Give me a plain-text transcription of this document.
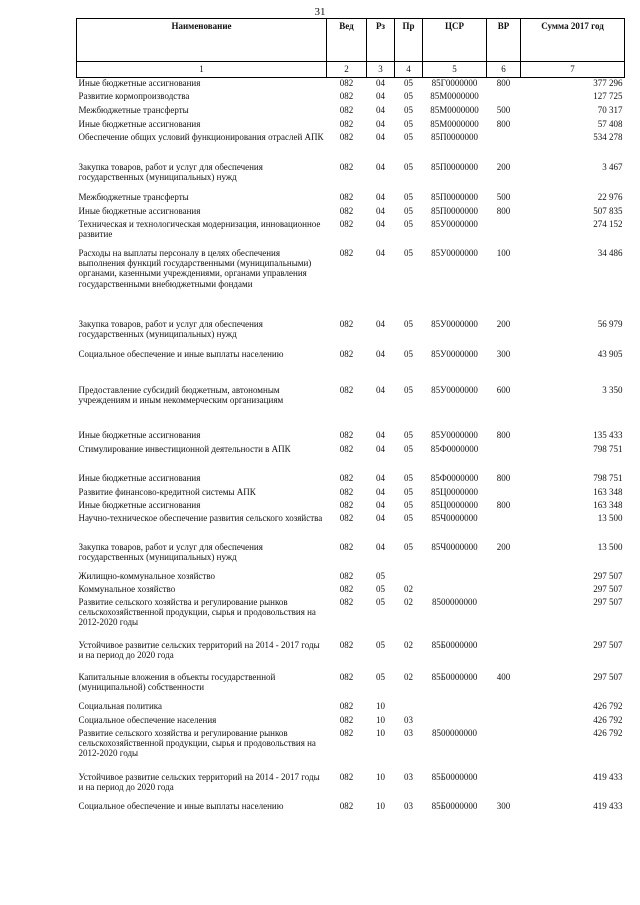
31
Наименование	Вед	Рз	Пр	ЦСР	ВР	Сумма 2017 год
1	2	3	4	5	6	7
Иные бюджетные ассигнования	082	04	05	85Г0000000	800	377 296
Развитие кормопроизводства	082	04	05	85М0000000		127 725
Межбюджетные трансферты	082	04	05	85М0000000	500	70 317
Иные бюджетные ассигнования	082	04	05	85М0000000	800	57 408
Обеспечение общих условий функционирования отраслей АПК	082	04	05	85П0000000		534 278
Закупка товаров, работ и услуг для обеспечения государственных (муниципальных) нужд	082	04	05	85П0000000	200	3 467
Межбюджетные трансферты	082	04	05	85П0000000	500	22 976
Иные бюджетные ассигнования	082	04	05	85П0000000	800	507 835
Техническая и технологическая модернизация, инновационное развитие	082	04	05	85У0000000		274 152
Расходы на выплаты персоналу в целях обеспечения выполнения функций государственными (муниципальными) органами, казенными учреждениями, органами управления государственными внебюджетными фондами	082	04	05	85У0000000	100	34 486
Закупка товаров, работ и услуг для обеспечения государственных (муниципальных) нужд	082	04	05	85У0000000	200	56 979
Социальное обеспечение и иные выплаты населению	082	04	05	85У0000000	300	43 905
Предоставление субсидий бюджетным, автономным учреждениям и иным некоммерческим организациям	082	04	05	85У0000000	600	3 350
Иные бюджетные ассигнования	082	04	05	85У0000000	800	135 433
Стимулирование инвестиционной деятельности в АПК	082	04	05	85Ф0000000		798 751
Иные бюджетные ассигнования	082	04	05	85Ф0000000	800	798 751
Развитие финансово-кредитной системы АПК	082	04	05	85Ц0000000		163 348
Иные бюджетные ассигнования	082	04	05	85Ц0000000	800	163 348
Научно-техническое обеспечение развития сельского хозяйства	082	04	05	85Ч0000000		13 500
Закупка товаров, работ и услуг для обеспечения государственных (муниципальных) нужд	082	04	05	85Ч0000000	200	13 500
Жилищно-коммунальное хозяйство	082	05				297 507
Коммунальное хозяйство	082	05	02			297 507
Развитие сельского хозяйства и регулирование рынков сельскохозяйственной продукции, сырья и продовольствия на 2012-2020 годы	082	05	02	8500000000		297 507
Устойчивое развитие сельских территорий на 2014 - 2017 годы и на период до 2020 года	082	05	02	85Б0000000		297 507
Капитальные вложения в объекты государственной (муниципальной) собственности	082	05	02	85Б0000000	400	297 507
Социальная политика	082	10				426 792
Социальное обеспечение населения	082	10	03			426 792
Развитие сельского хозяйства и регулирование рынков сельскохозяйственной продукции, сырья и продовольствия на 2012-2020 годы	082	10	03	8500000000		426 792
Устойчивое развитие сельских территорий на 2014 - 2017 годы и на период до 2020 года	082	10	03	85Б0000000		419 433
Социальное обеспечение и иные выплаты населению	082	10	03	85Б0000000	300	419 433
